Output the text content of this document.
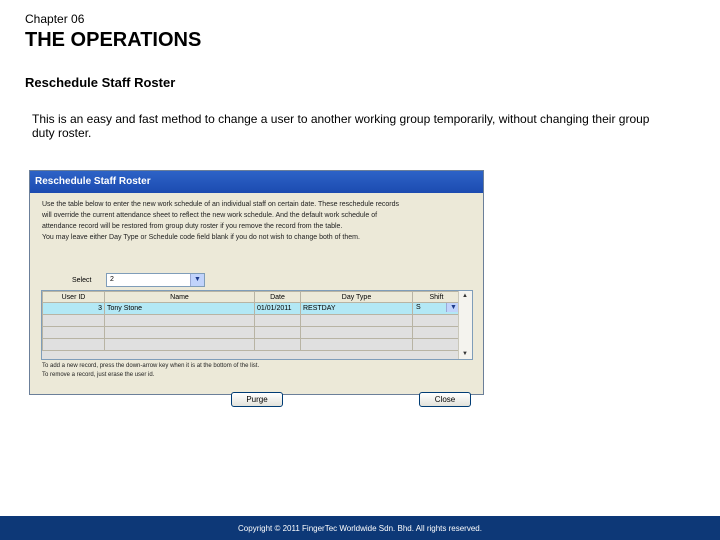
Chapter 06
THE OPERATIONS
Reschedule Staff Roster
This is an easy and fast method to change a user to another working group temporarily, without changing their group duty roster.
Reschedule Staff Roster
Use the table below to enter the new work schedule of an individual staff on certain date. These reschedule records
will override the current attendance sheet to reflect the new work schedule. And the default work schedule of
attendance record will be restored from group duty roster if you remove the record from the table.
You may leave either Day Type or Schedule code field blank if you do not wish to change both of them.
Select	2	▼
User ID	Name	Date	Day Type	Shift
3	Tony Stone	01/01/2011	RESTDAY	S ▼

▲
▼
To add a new record, press the down-arrow key when it is at the bottom of the list.
To remove a record, just erase the user id.
Purge	Close
Copyright © 2011 FingerTec Worldwide Sdn. Bhd. All rights reserved.
